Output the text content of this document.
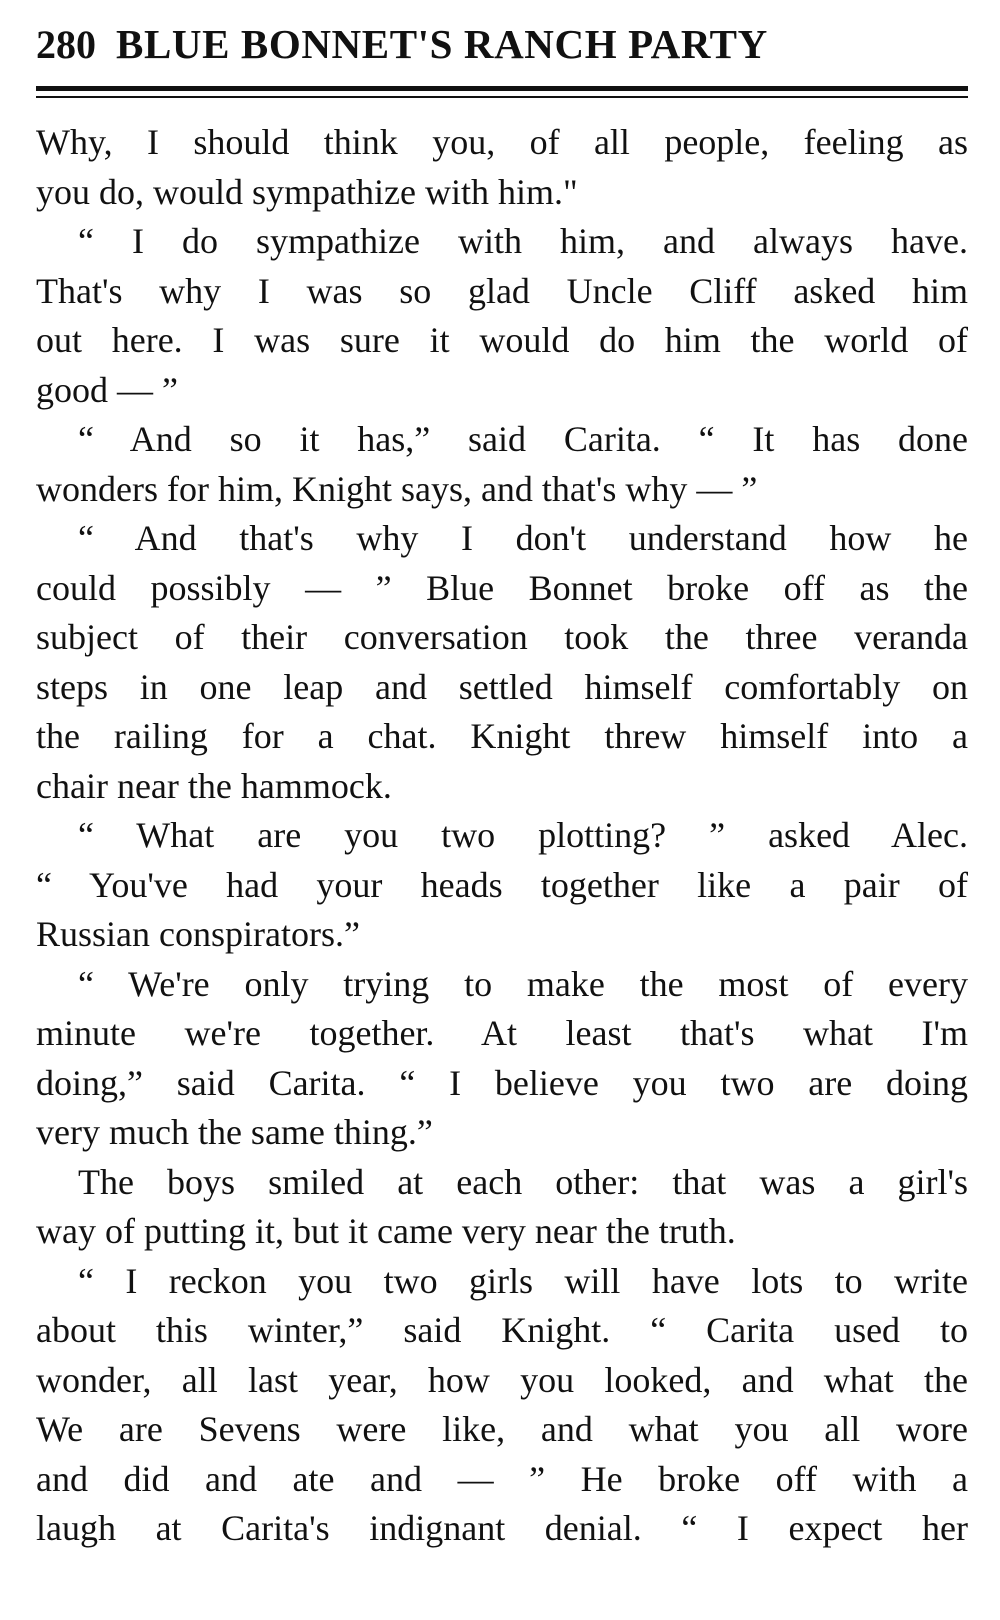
280 BLUE BONNET'S RANCH PARTY
Why, I should think you, of all people, feeling as
you do, would sympathize with him."
“ I do sympathize with him, and always have.
That's why I was so glad Uncle Cliff asked him
out here. I was sure it would do him the world of
good — ”
“ And so it has,” said Carita. “ It has done
wonders for him, Knight says, and that's why — ”
“ And that's why I don't understand how he
could possibly — ” Blue Bonnet broke off as the
subject of their conversation took the three veranda
steps in one leap and settled himself comfortably on
the railing for a chat. Knight threw himself into a
chair near the hammock.
“ What are you two plotting? ” asked Alec.
“ You've had your heads together like a pair of
Russian conspirators.”
“ We're only trying to make the most of every
minute we're together. At least that's what I'm
doing,” said Carita. “ I believe you two are doing
very much the same thing.”
The boys smiled at each other: that was a girl's
way of putting it, but it came very near the truth.
“ I reckon you two girls will have lots to write
about this winter,” said Knight. “ Carita used to
wonder, all last year, how you looked, and what the
We are Sevens were like, and what you all wore
and did and ate and — ” He broke off with a
laugh at Carita's indignant denial. “ I expect her
